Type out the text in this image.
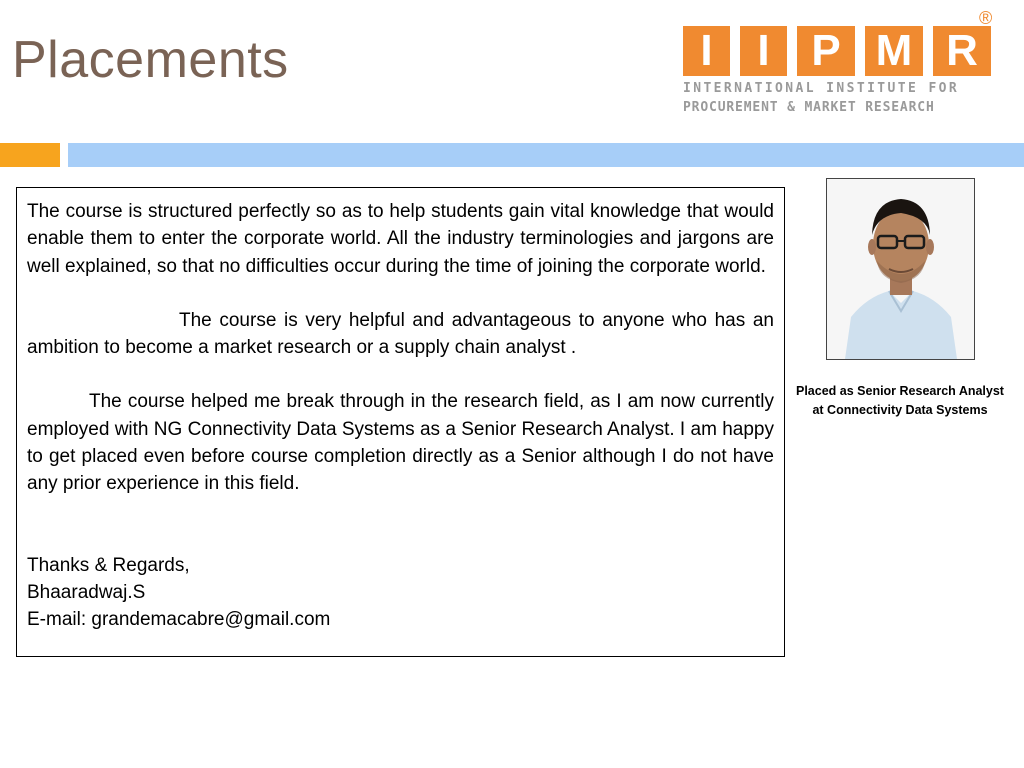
Placements	I	I P M R
®
INTERNATIONAL INSTITUTE FOR
PROCUREMENT & MARKET RESEARCH

The course is structured perfectly so as to help students gain vital knowledge that would enable them to enter the corporate world. All the industry terminologies and jargons are well explained, so that no difficulties occur during the time of joining the corporate world.

The course is very helpful and advantageous to anyone who has an ambition to become a market research or a supply chain analyst .

The course helped me break through in the research field, as I am now currently employed with NG Connectivity Data Systems as a Senior Research Analyst. I am happy to get placed even before course completion directly as a Senior although I do not have any prior experience in this field.

Thanks & Regards,

Bhaaradwaj.S

E-mail: grandemacabre@gmail.com

Placed as Senior Research Analyst
at Connectivity Data Systems
